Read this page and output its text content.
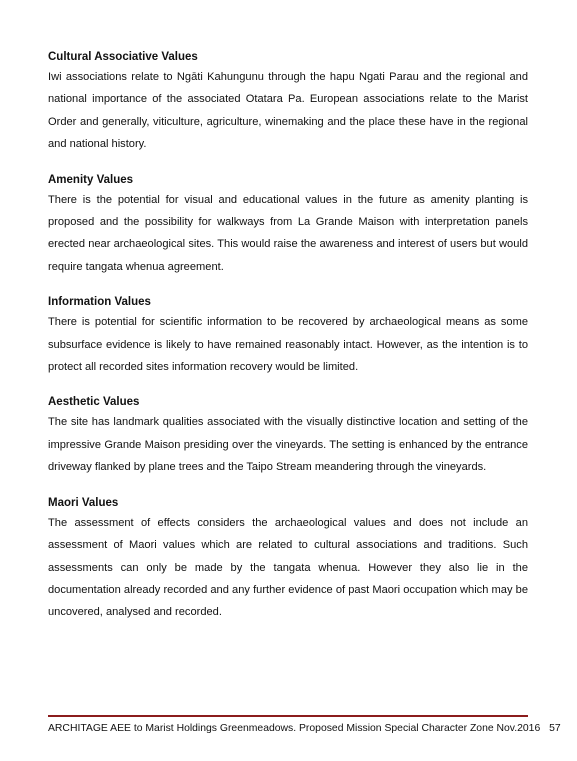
Cultural Associative Values

Iwi associations relate to Ngāti Kahungunu through the hapu Ngati Parau and the regional and national importance of the associated Otatara Pa. European associations relate to the Marist Order and generally, viticulture, agriculture, winemaking and the place these have in the regional and national history.

Amenity Values

There is the potential for visual and educational values in the future as amenity planting is proposed and the possibility for walkways from La Grande Maison with interpretation panels erected near archaeological sites. This would raise the awareness and interest of users but would require tangata whenua agreement.

Information Values

There is potential for scientific information to be recovered by archaeological means as some subsurface evidence is likely to have remained reasonably intact. However, as the intention is to protect all recorded sites information recovery would be limited.

Aesthetic Values

The site has landmark qualities associated with the visually distinctive location and setting of the impressive Grande Maison presiding over the vineyards. The setting is enhanced by the entrance driveway flanked by plane trees and the Taipo Stream meandering through the vineyards.

Maori Values

The assessment of effects considers the archaeological values and does not include an assessment of Maori values which are related to cultural associations and traditions. Such assessments can only be made by the tangata whenua. However they also lie in the documentation already recorded and any further evidence of past Maori occupation which may be uncovered, analysed and recorded.

ARCHITAGE AEE to Marist Holdings Greenmeadows. Proposed Mission Special Character Zone Nov.2016 57
